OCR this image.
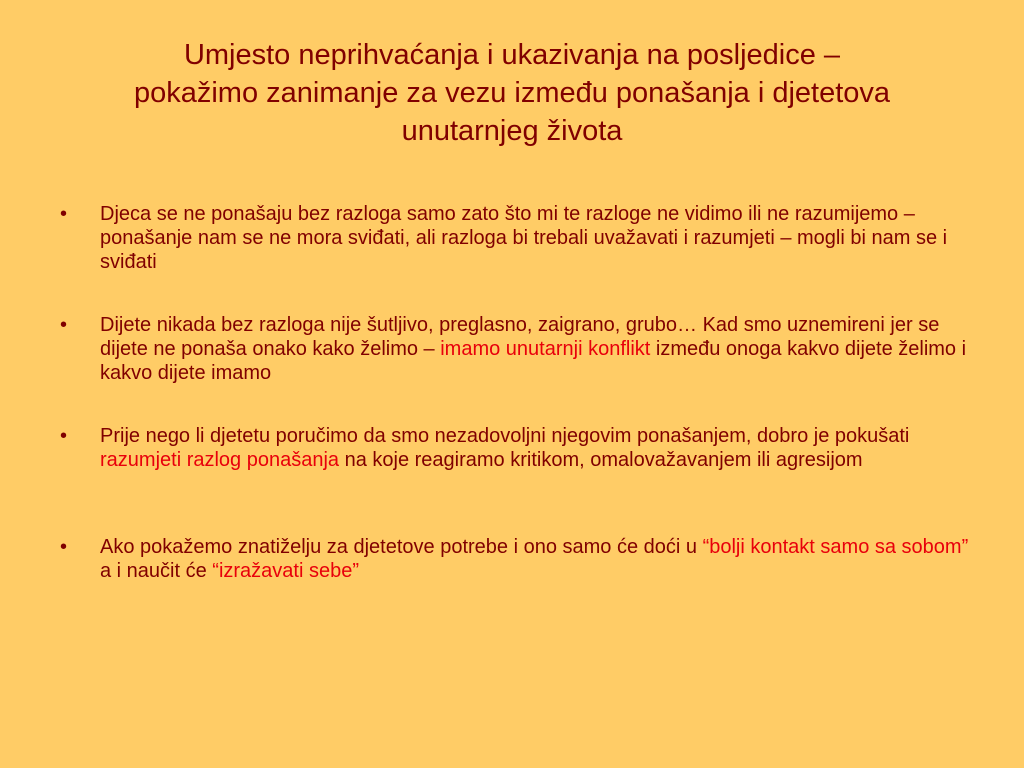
Umjesto neprihvaćanja i ukazivanja na posljedice –
pokažimo zanimanje za vezu između ponašanja i djetetova
unutarnjeg života
• Djeca se ne ponašaju bez razloga samo zato što mi te razloge ne vidimo ili ne razumijemo – ponašanje nam se ne mora sviđati, ali razloga bi trebali uvažavati i razumjeti – mogli bi nam se i sviđati
• Dijete nikada bez razloga nije šutljivo, preglasno, zaigrano, grubo… Kad smo uznemireni jer se dijete ne ponaša onako kako želimo – imamo unutarnji konflikt između onoga kakvo dijete želimo i kakvo dijete imamo
• Prije nego li djetetu poručimo da smo nezadovoljni njegovim ponašanjem, dobro je pokušati razumjeti razlog ponašanja na koje reagiramo kritikom, omalovažavanjem ili agresijom
• Ako pokažemo znatiželju za djetetove potrebe i ono samo će doći u “bolji kontakt samo sa sobom” a i naučit će “izražavati sebe”
